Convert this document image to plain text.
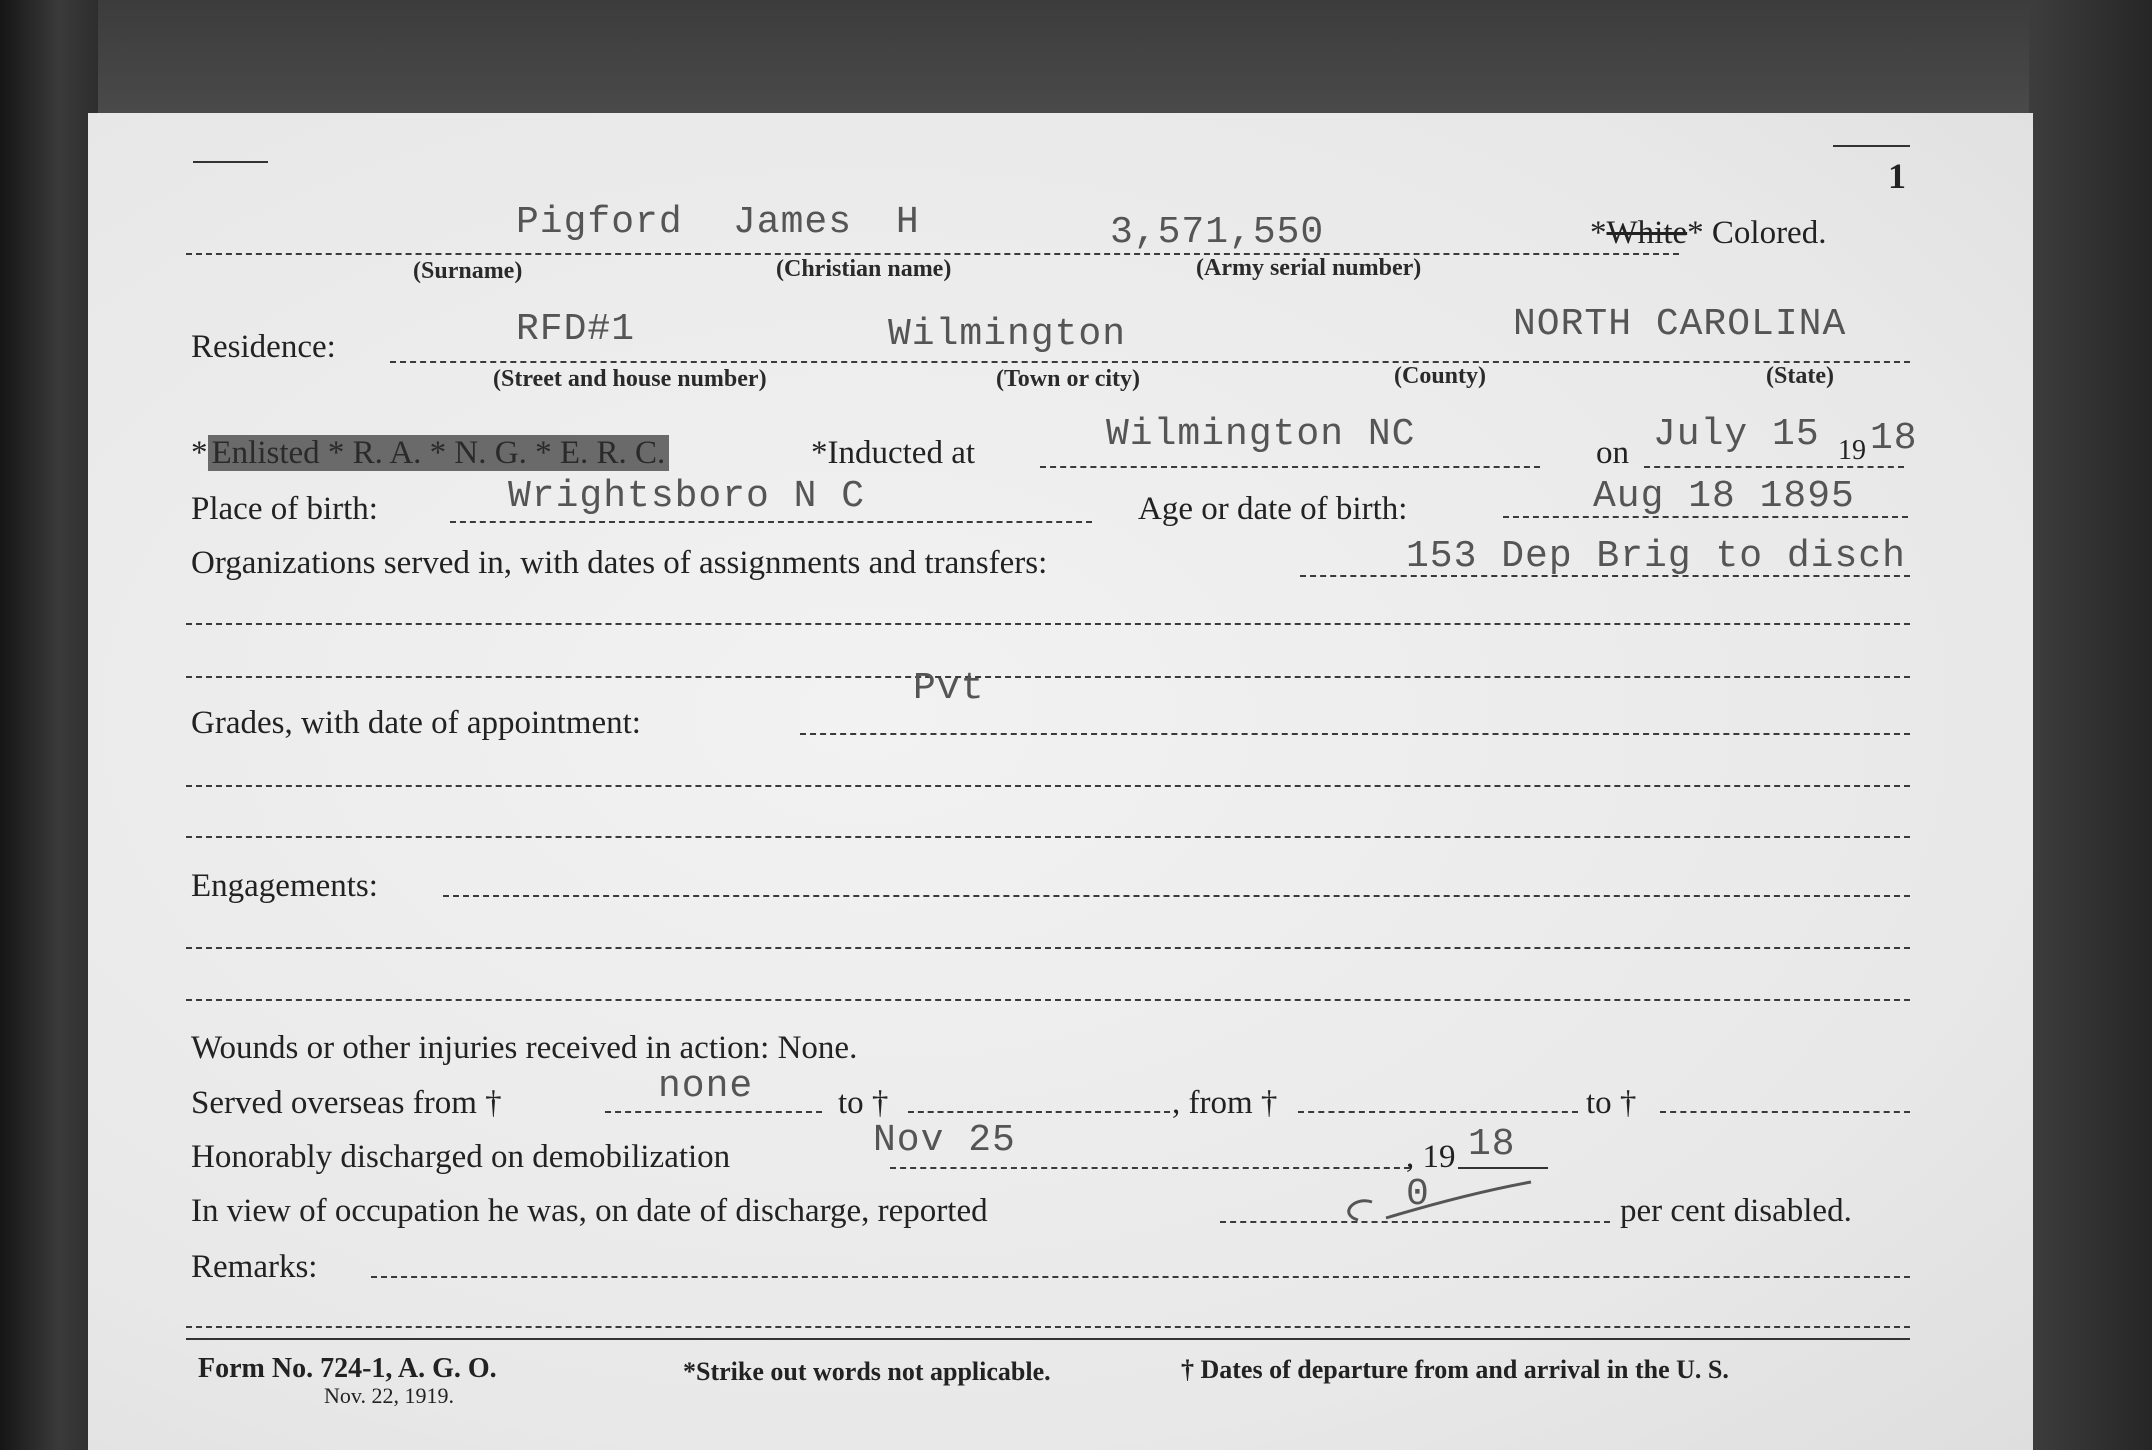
1
Pigford James H	3,571,550	*White* Colored.
(Surname)	(Christian name)	(Army serial number)
Residence:	RFD#1	Wilmington	NORTH CAROLINA
(Street and house number)	(Town or city)	(County)	(State)
* Enlisted * R. A. * N. G. * E. R. C.	*Inducted at	Wilmington NC	on July 15 19 18
Place of birth:	Wrightsboro N C	Age or date of birth:	Aug 18 1895
Organizations served in, with dates of assignments and transfers:	153 Dep Brig to disch
Pvt
Grades, with date of appointment:
Engagements:
Wounds or other injuries received in action: None.
Served overseas from †	none	to †	, from †	to †
Honorably discharged on demobilization	Nov 25	, 19 18
In view of occupation he was, on date of discharge, reported	0	per cent disabled.
Remarks:
Form No. 724-1, A. G. O.
Nov. 22, 1919.
*Strike out words not applicable.	† Dates of departure from and arrival in the U. S.
